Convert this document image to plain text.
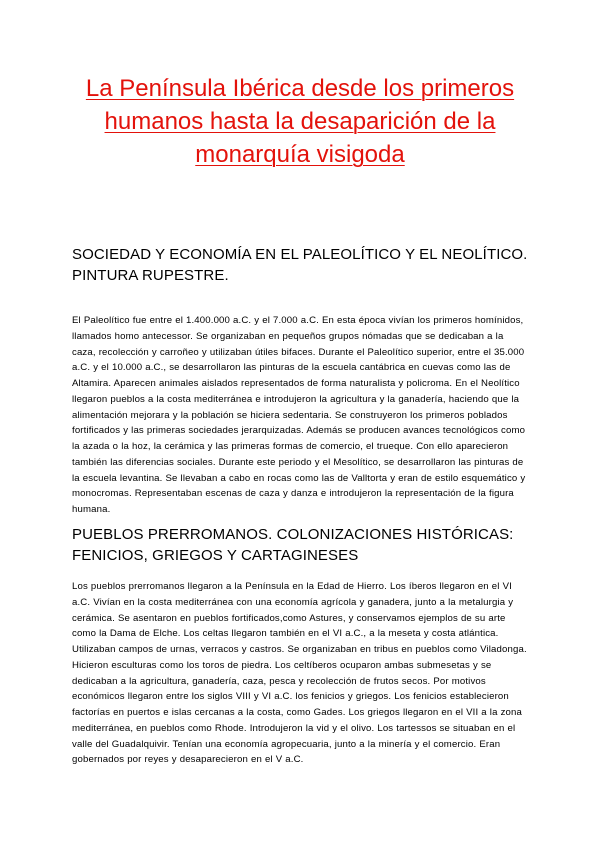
La Península Ibérica desde los primeros humanos hasta la desaparición de la monarquía visigoda
SOCIEDAD Y ECONOMÍA EN EL PALEOLÍTICO Y EL NEOLÍTICO. PINTURA RUPESTRE.

El Paleolítico fue entre el 1.400.000 a.C. y el 7.000 a.C. En esta época vivían los primeros homínidos, llamados homo antecessor. Se organizaban en pequeños grupos nómadas que se dedicaban a la caza, recolección y carroñeo y utilizaban útiles bifaces. Durante el Paleolítico superior, entre el 35.000 a.C. y el 10.000 a.C., se desarrollaron las pinturas de la escuela cantábrica en cuevas como las de Altamira. Aparecen animales aislados representados de forma naturalista y policroma. En el Neolítico llegaron pueblos a la costa mediterránea e introdujeron la agricultura y la ganadería, haciendo que la alimentación mejorara y la población se hiciera sedentaria. Se construyeron los primeros poblados fortificados y las primeras sociedades jerarquizadas. Además se producen avances tecnológicos como la azada o la hoz, la cerámica y las primeras formas de comercio, el trueque. Con ello aparecieron también las diferencias sociales. Durante este periodo y el Mesolítico, se desarrollaron las pinturas de la escuela levantina. Se llevaban a cabo en rocas como las de Valltorta y eran de estilo esquemático y monocromas. Representaban escenas de caza y danza e introdujeron la representación de la figura humana.

PUEBLOS PRERROMANOS. COLONIZACIONES HISTÓRICAS: FENICIOS, GRIEGOS Y CARTAGINESES

Los pueblos prerromanos llegaron a la Península en la Edad de Hierro. Los íberos llegaron en el VI a.C. Vivían en la costa mediterránea con una economía agrícola y ganadera, junto a la metalurgia y cerámica. Se asentaron en pueblos fortificados,como Astures, y conservamos ejemplos de su arte como la Dama de Elche. Los celtas llegaron también en el VI a.C., a la meseta y costa atlántica. Utilizaban campos de urnas, verracos y castros. Se organizaban en tribus en pueblos como Viladonga. Hicieron esculturas como los toros de piedra. Los celtíberos ocuparon ambas submesetas y se dedicaban a la agricultura, ganadería, caza, pesca y recolección de frutos secos. Por motivos económicos llegaron entre los siglos VIII y VI a.C. los fenicios y griegos. Los fenicios establecieron factorías en puertos e islas cercanas a la costa, como Gades. Los griegos llegaron en el VII a la zona mediterránea, en pueblos como Rhode. Introdujeron la vid y el olivo. Los tartessos se situaban en el valle del Guadalquivir. Tenían una economía agropecuaria, junto a la minería y el comercio. Eran gobernados por reyes y desaparecieron en el V a.C.
